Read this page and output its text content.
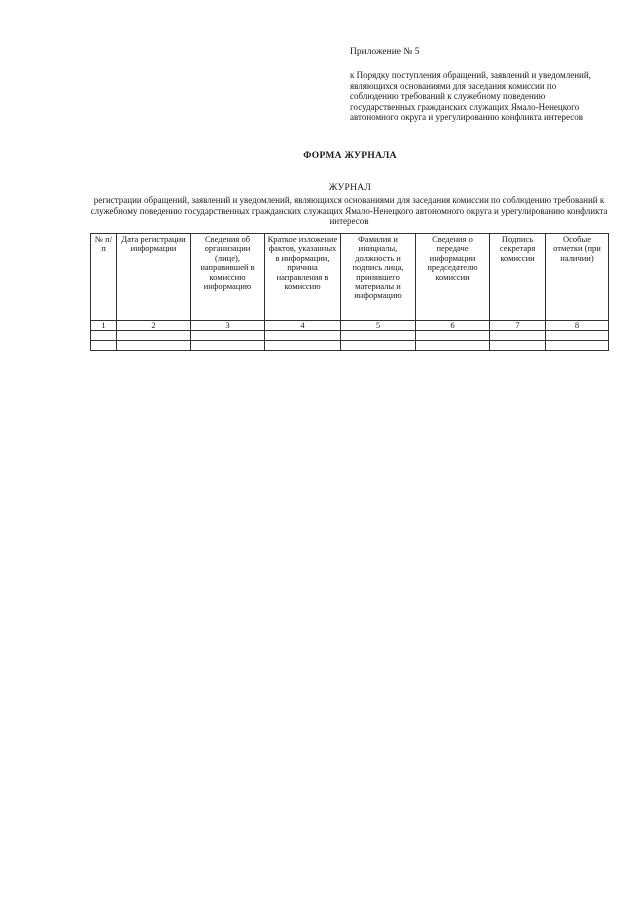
Приложение № 5
к Порядку поступления обращений, заявлений и уведомлений, являющихся основаниями для заседания комиссии по соблюдению требований к служебному поведению государственных гражданских служащих Ямало-Ненецкого автономного округа и урегулированию конфликта интересов
ФОРМА ЖУРНАЛА
ЖУРНАЛ
регистрации обращений, заявлений и уведомлений, являющихся основаниями для заседания комиссии по соблюдению требований к служебному поведению государственных гражданских служащих Ямало-Ненецкого автономного округа и урегулированию конфликта интересов
№ п/п	Дата регистрации информации	Сведения об организации (лице), направившей в комиссию информацию	Краткое изложение фактов, указанных в информации, причина направления в комисcию	Фамилия и инициалы, должность и подпись лица, принявшего материалы и информацию	Сведения о передаче информации председателю комиссии	Подпись секретаря комиссии	Особые отметки (при наличии)
1	2	3	4	5	6	7	8
